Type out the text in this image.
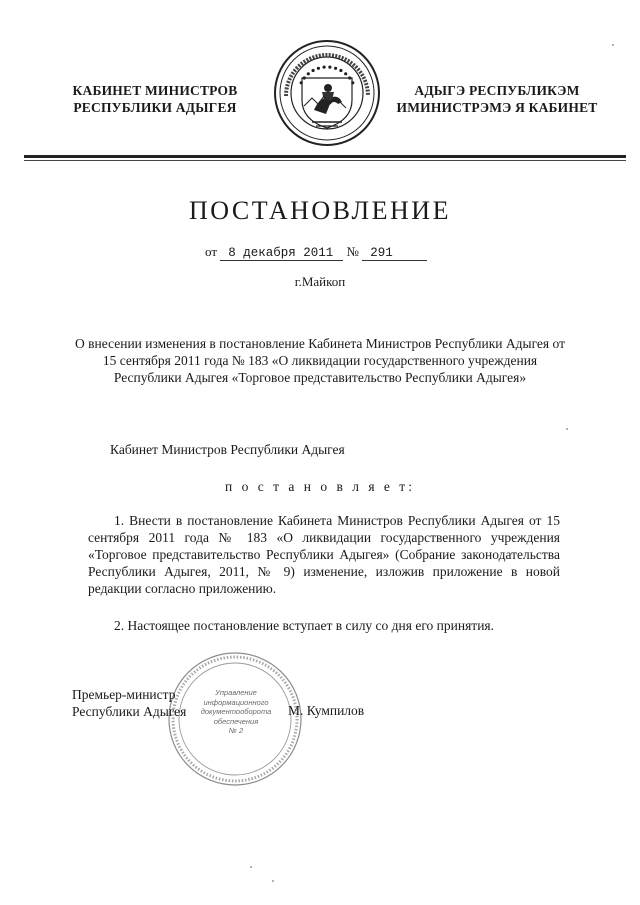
КАБИНЕТ МИНИСТРОВ
РЕСПУБЛИКИ АДЫГЕЯ
АДЫГЭ РЕСПУБЛИКЭМ
ИМИНИСТРЭМЭ Я КАБИНЕТ
ПОСТАНОВЛЕНИЕ
от 8 декабря 2011 № 291
г.Майкоп
О внесении изменения в постановление Кабинета Министров Республики Адыгея от 15 сентября 2011 года № 183 «О ликвидации государственного учреждения Республики Адыгея «Торговое представительство Республики Адыгея»
Кабинет Министров Республики Адыгея
п о с т а н о в л я е т:
1. Внести в постановление Кабинета Министров Республики Адыгея от 15 сентября 2011 года № 183 «О ликвидации государственного учреждения «Торговое представительство Республики Адыгея» (Собрание законодательства Республики Адыгея, 2011, № 9) изменение, изложив приложение в новой редакции согласно приложению.
2. Настоящее постановление вступает в силу со дня его принятия.
Управление
информационного
документооборота
обеспечения
№ 2
Премьер-министр
Республики Адыгея	М. Кумпилов
